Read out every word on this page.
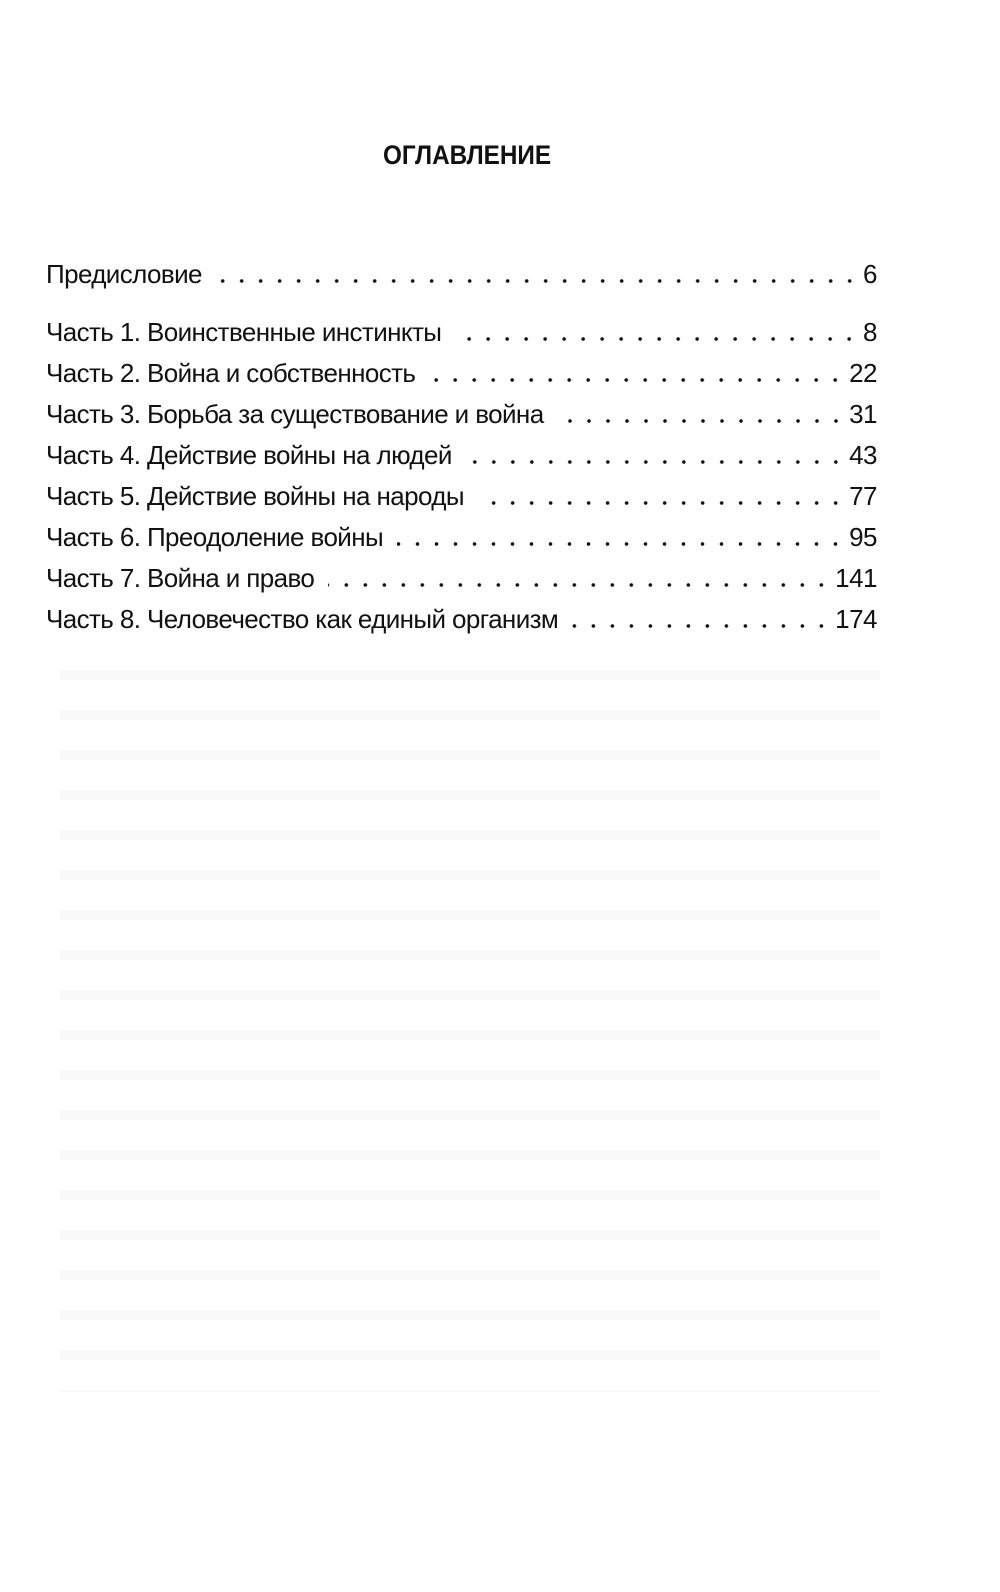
ОГЛАВЛЕНИЕ
Предисловие	6
Часть 1. Воинственные инстинкты	8
Часть 2. Война и собственность	22
Часть 3. Борьба за существование и война	31
Часть 4. Действие войны на людей	43
Часть 5. Действие войны на народы	77
Часть 6. Преодоление войны	95
Часть 7. Война и право	141
Часть 8. Человечество как единый организм	174
